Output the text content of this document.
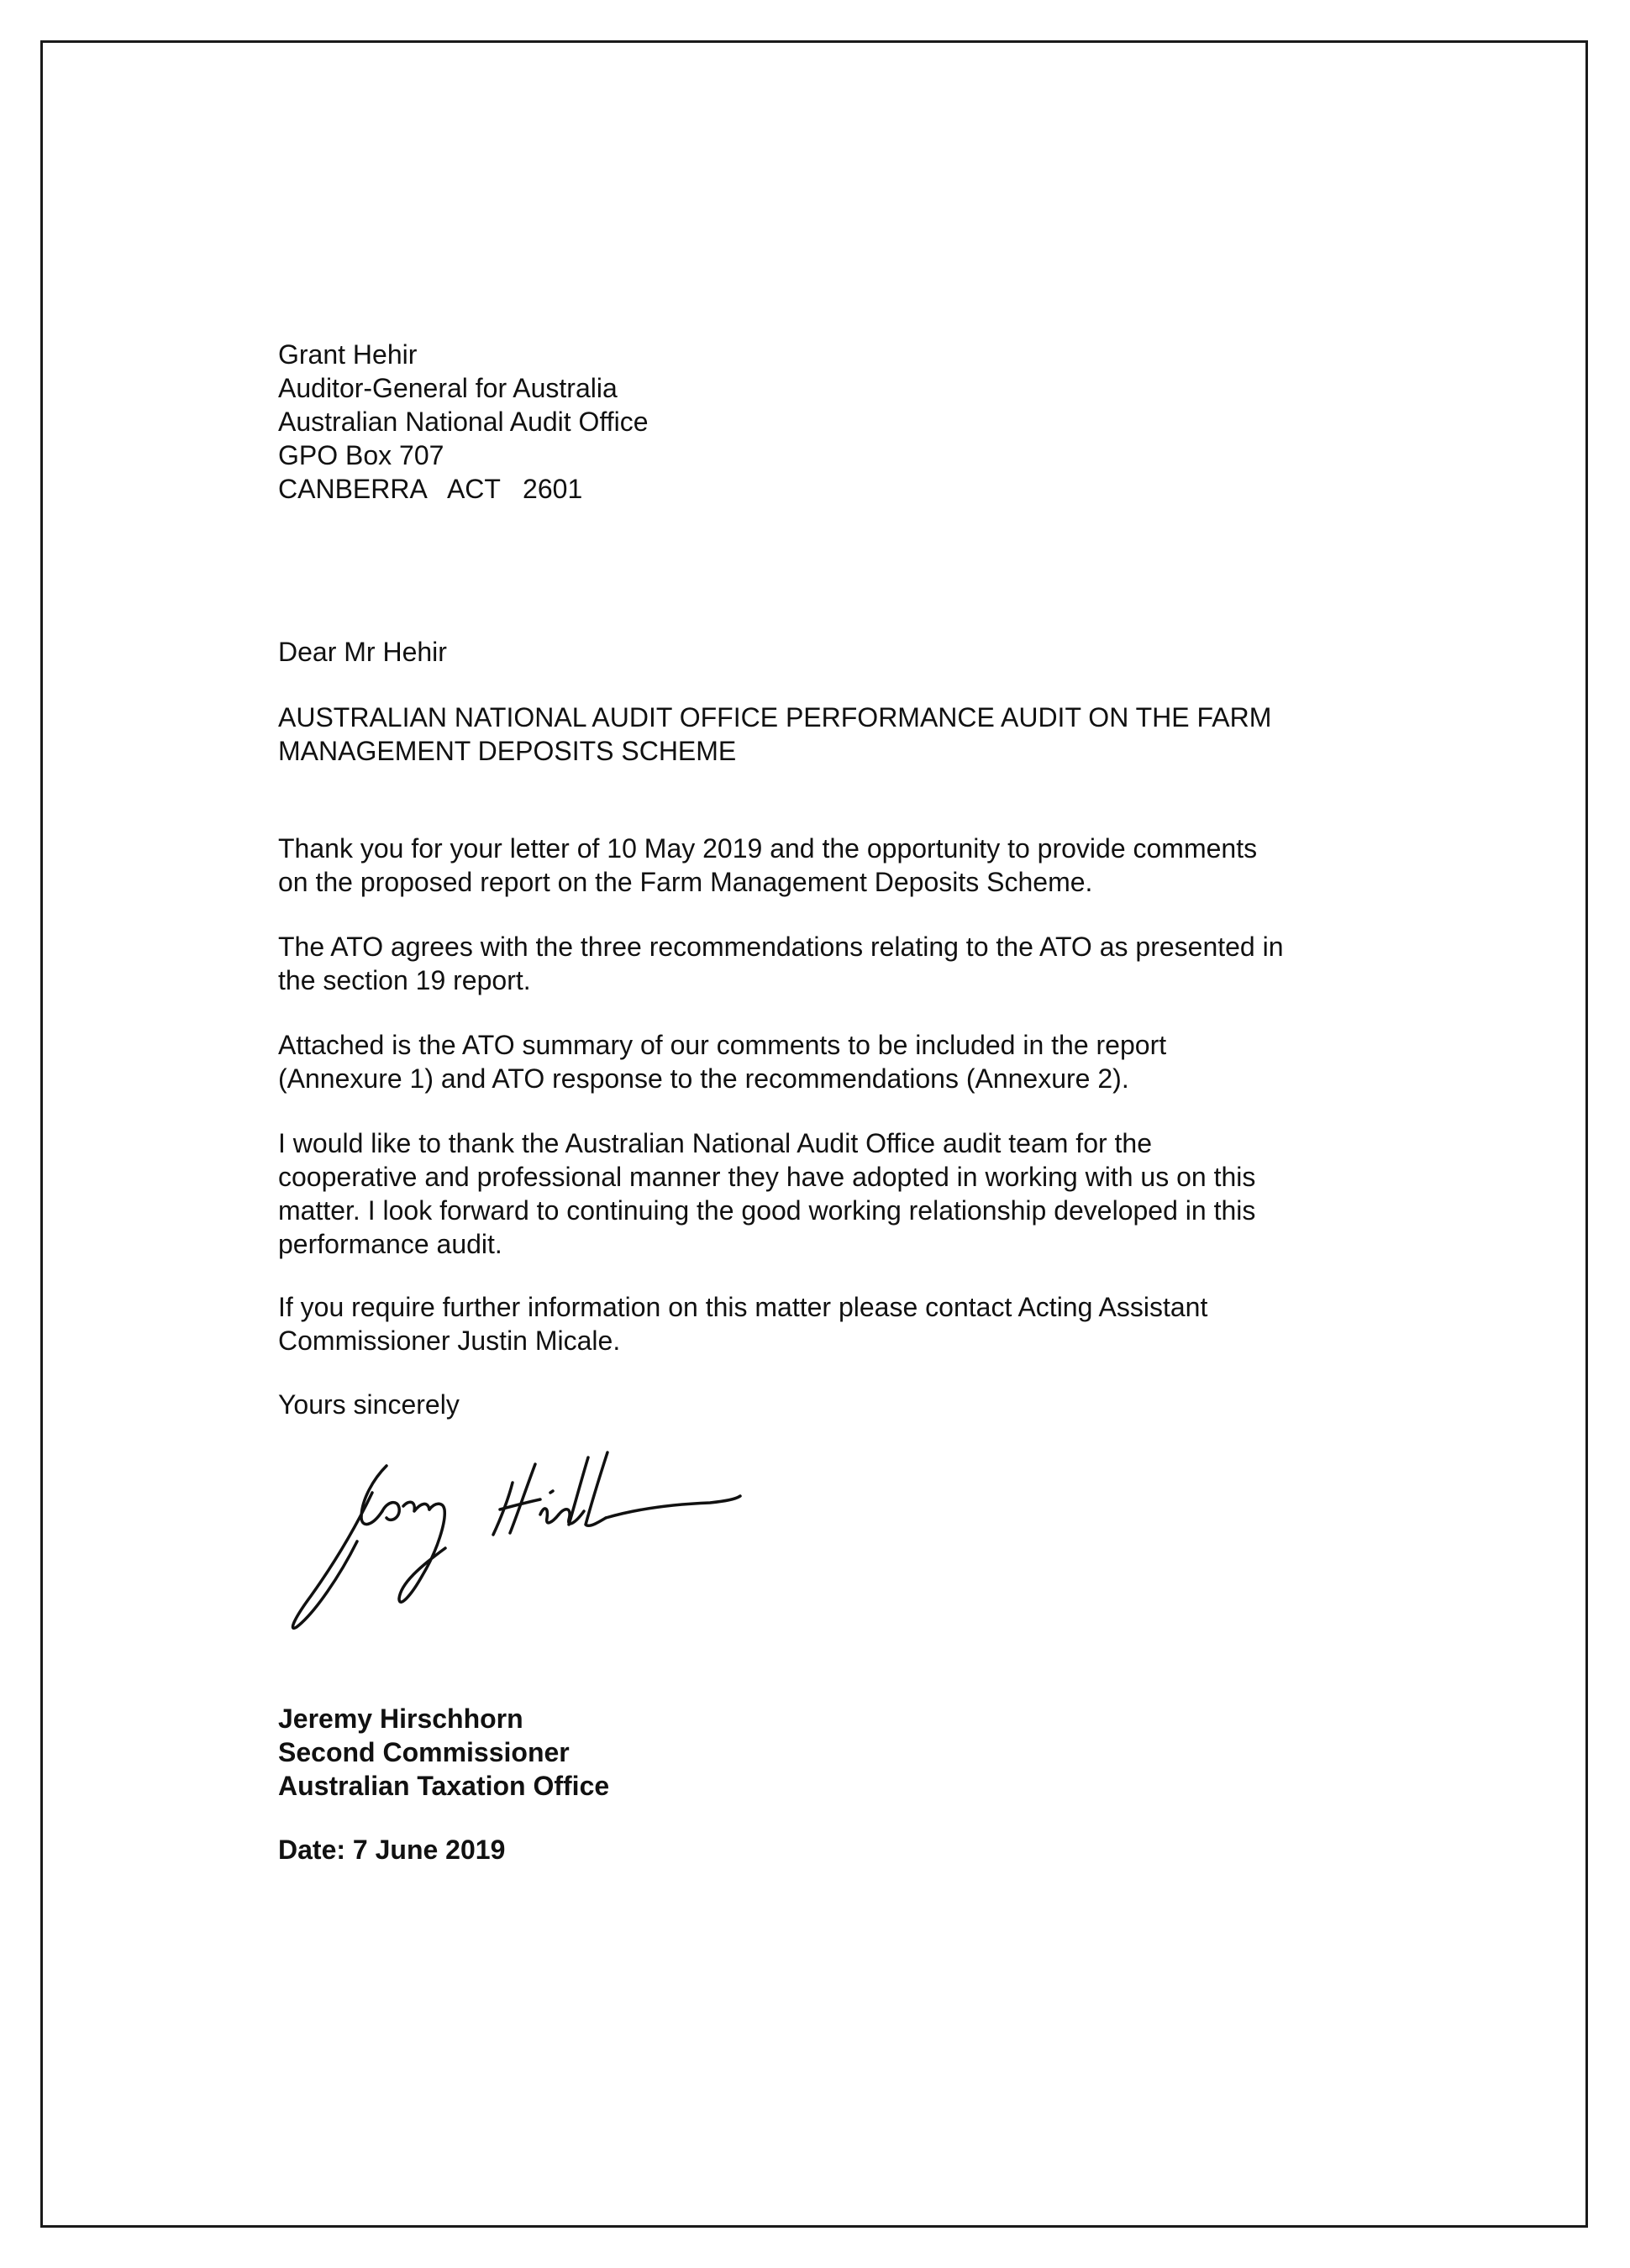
Grant Hehir
Auditor-General for Australia
Australian National Audit Office
GPO Box 707
CANBERRA   ACT   2601
Dear Mr Hehir
AUSTRALIAN NATIONAL AUDIT OFFICE PERFORMANCE AUDIT ON THE FARM
MANAGEMENT DEPOSITS SCHEME
Thank you for your letter of 10 May 2019 and the opportunity to provide comments
on the proposed report on the Farm Management Deposits Scheme.
The ATO agrees with the three recommendations relating to the ATO as presented in
the section 19 report.
Attached is the ATO summary of our comments to be included in the report
(Annexure 1) and ATO response to the recommendations (Annexure 2).
I would like to thank the Australian National Audit Office audit team for the
cooperative and professional manner they have adopted in working with us on this
matter. I look forward to continuing the good working relationship developed in this
performance audit.
If you require further information on this matter please contact Acting Assistant
Commissioner Justin Micale.
Yours sincerely
Jeremy Hirschhorn
Second Commissioner
Australian Taxation Office
Date: 7 June 2019
